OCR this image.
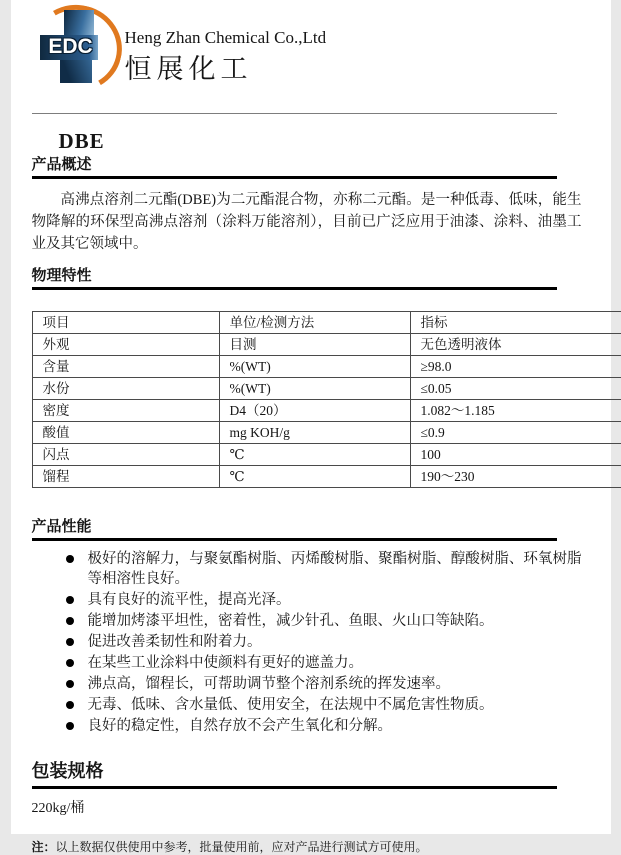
EDC	Heng Zhan Chemical Co.,Ltd
恒展化工
DBE
产品概述
高沸点溶剂二元酯(DBE)为二元酯混合物，亦称二元酯。是一种低毒、低味，能生物降解的环保型高沸点溶剂（涂料万能溶剂），目前已广泛应用于油漆、涂料、油墨工业及其它领域中。
物理特性
项目	单位/检测方法	指标
外观	目测	无色透明液体
含量	%(WT)	≥98.0
水份	%(WT)	≤0.05
密度	D4（20）	1.082～1.185
酸值	mg KOH/g	≤0.9
闪点	℃	100
馏程	℃	190～230
产品性能
极好的溶解力，与聚氨酯树脂、丙烯酸树脂、聚酯树脂、醇酸树脂、环氧树脂等相溶性良好。
具有良好的流平性，提高光泽。
能增加烤漆平坦性，密着性，减少针孔、鱼眼、火山口等缺陷。
促进改善柔韧性和附着力。
在某些工业涂料中使颜料有更好的遮盖力。
沸点高，馏程长，可帮助调节整个溶剂系统的挥发速率。
无毒、低味、含水量低、使用安全，在法规中不属危害性物质。
良好的稳定性，自然存放不会产生氧化和分解。
包装规格
220kg/桶
注：以上数据仅供使用中参考，批量使用前，应对产品进行测试方可使用。
